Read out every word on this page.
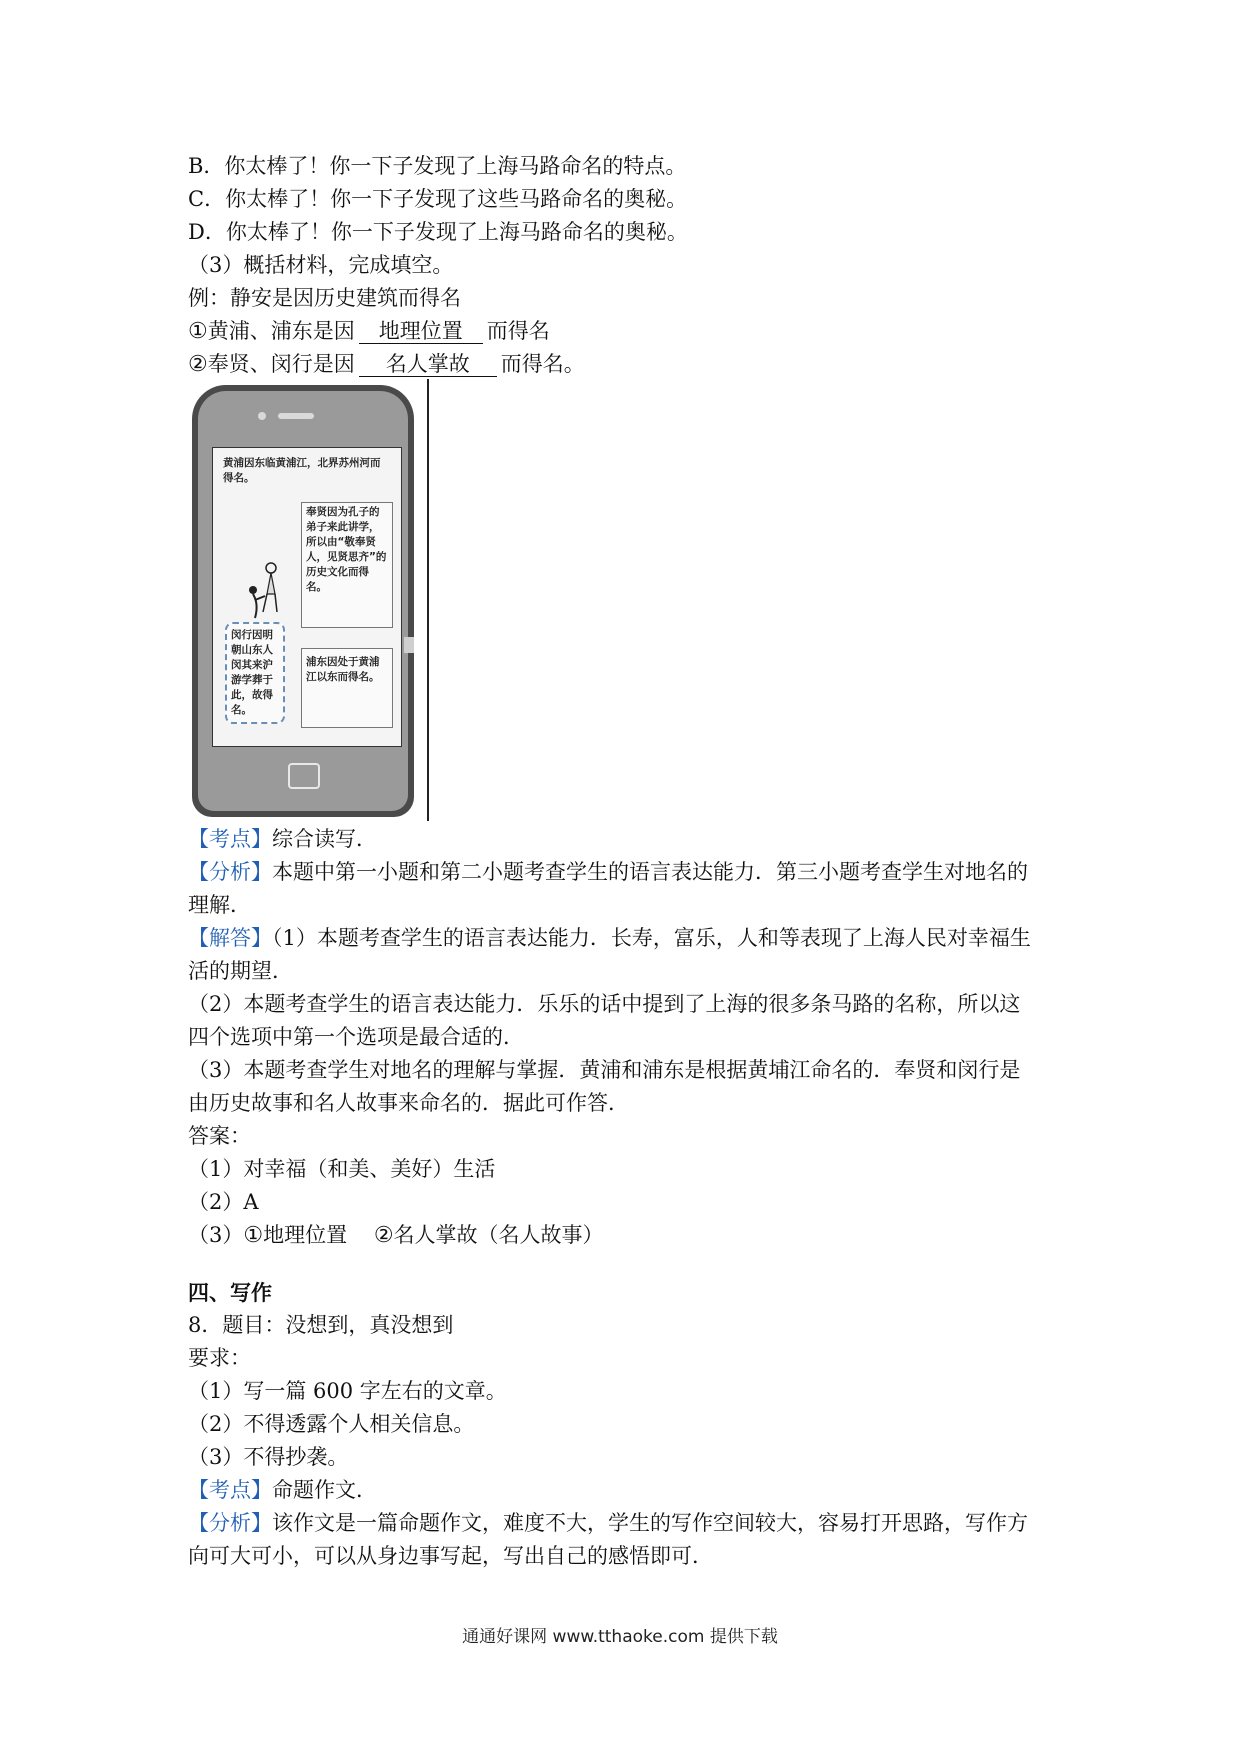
B．你太棒了！你一下子发现了上海马路命名的特点。

C．你太棒了！你一下子发现了这些马路命名的奥秘。

D．你太棒了！你一下子发现了上海马路命名的奥秘。

（3）概括材料，完成填空。

例：静安是因历史建筑而得名

①黄浦、浦东是因 地理位置 而得名

②奉贤、闵行是因 名人掌故 而得名。

黄浦因东临黄浦江，北界苏州河而得名。
奉贤因为孔子的弟子来此讲学，所以由“敬奉贤人，见贤思齐”的历史文化而得名。
闵行因明朝山东人闵其来沪游学葬于此，故得名。
浦东因处于黄浦江以东而得名。

【考点】综合读写．

【分析】本题中第一小题和第二小题考查学生的语言表达能力．第三小题考查学生对地名的

理解．

【解答】（1）本题考查学生的语言表达能力．长寿，富乐，人和等表现了上海人民对幸福生

活的期望．

（2）本题考查学生的语言表达能力．乐乐的话中提到了上海的很多条马路的名称，所以这

四个选项中第一个选项是最合适的．

（3）本题考查学生对地名的理解与掌握．黄浦和浦东是根据黄埔江命名的．奉贤和闵行是

由历史故事和名人故事来命名的．据此可作答．

答案：

（1）对幸福（和美、美好）生活

（2）A

（3）①地理位置 ②名人掌故（名人故事）

四、写作

8．题目：没想到，真没想到

要求：

（1）写一篇 600 字左右的文章。

（2）不得透露个人相关信息。

（3）不得抄袭。

【考点】命题作文．

【分析】该作文是一篇命题作文，难度不大，学生的写作空间较大，容易打开思路，写作方

向可大可小，可以从身边事写起，写出自己的感悟即可．

通通好课网 www.tthaoke.com 提供下载
